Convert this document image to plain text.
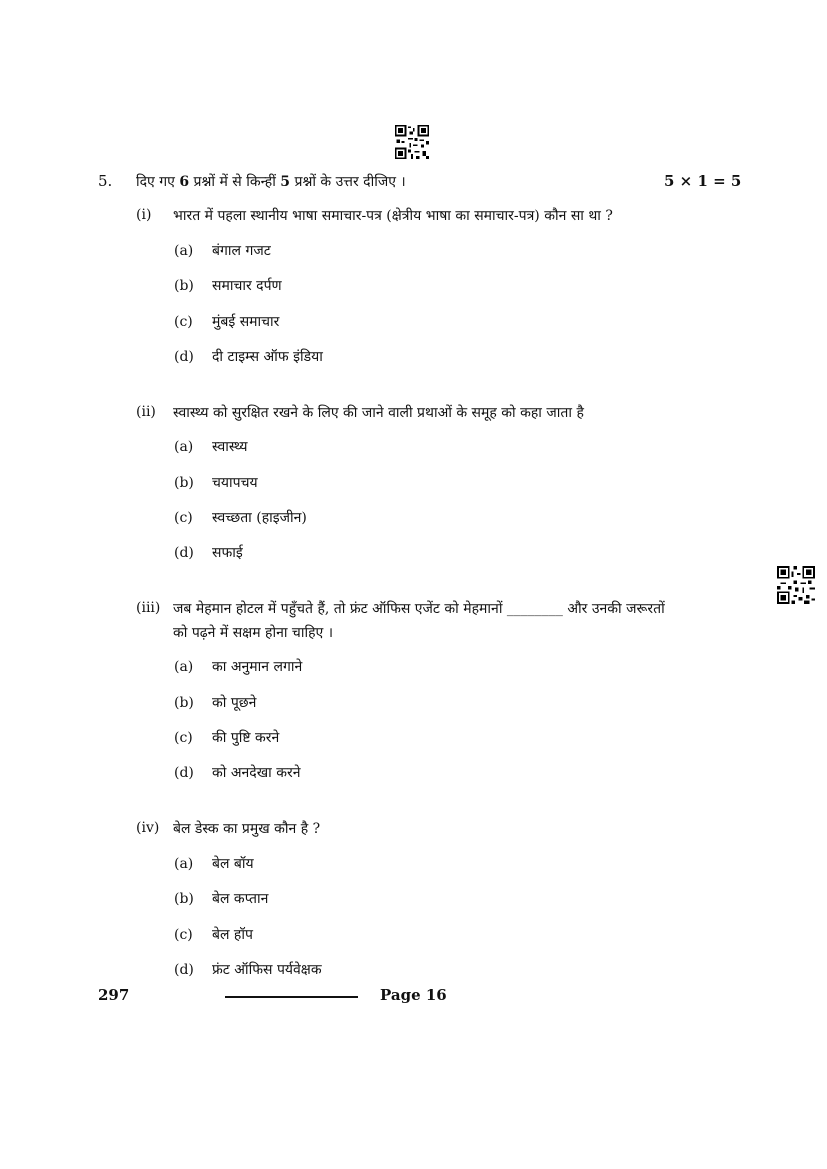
5. दिए गए 6 प्रश्नों में से किन्हीं 5 प्रश्नों के उत्तर दीजिए ।	5 × 1 = 5
(i) भारत में पहला स्थानीय भाषा समाचार-पत्र (क्षेत्रीय भाषा का समाचार-पत्र) कौन सा था ?
(a) बंगाल गजट
(b) समाचार दर्पण
(c) मुंबई समाचार
(d) दी टाइम्स ऑफ इंडिया
(ii) स्वास्थ्य को सुरक्षित रखने के लिए की जाने वाली प्रथाओं के समूह को कहा जाता है
(a) स्वास्थ्य
(b) चयापचय
(c) स्वच्छता (हाइजीन)
(d) सफाई
(iii) जब मेहमान होटल में पहुँचते हैं, तो फ्रंट ऑफिस एजेंट को मेहमानों ________ और उनकी जरूरतों
को पढ़ने में सक्षम होना चाहिए ।
(a) का अनुमान लगाने
(b) को पूछने
(c) की पुष्टि करने
(d) को अनदेखा करने
(iv) बेल डेस्क का प्रमुख कौन है ?
(a) बेल बॉय
(b) बेल कप्तान
(c) बेल हॉप
(d) फ्रंट ऑफिस पर्यवेक्षक
297	Page 16
